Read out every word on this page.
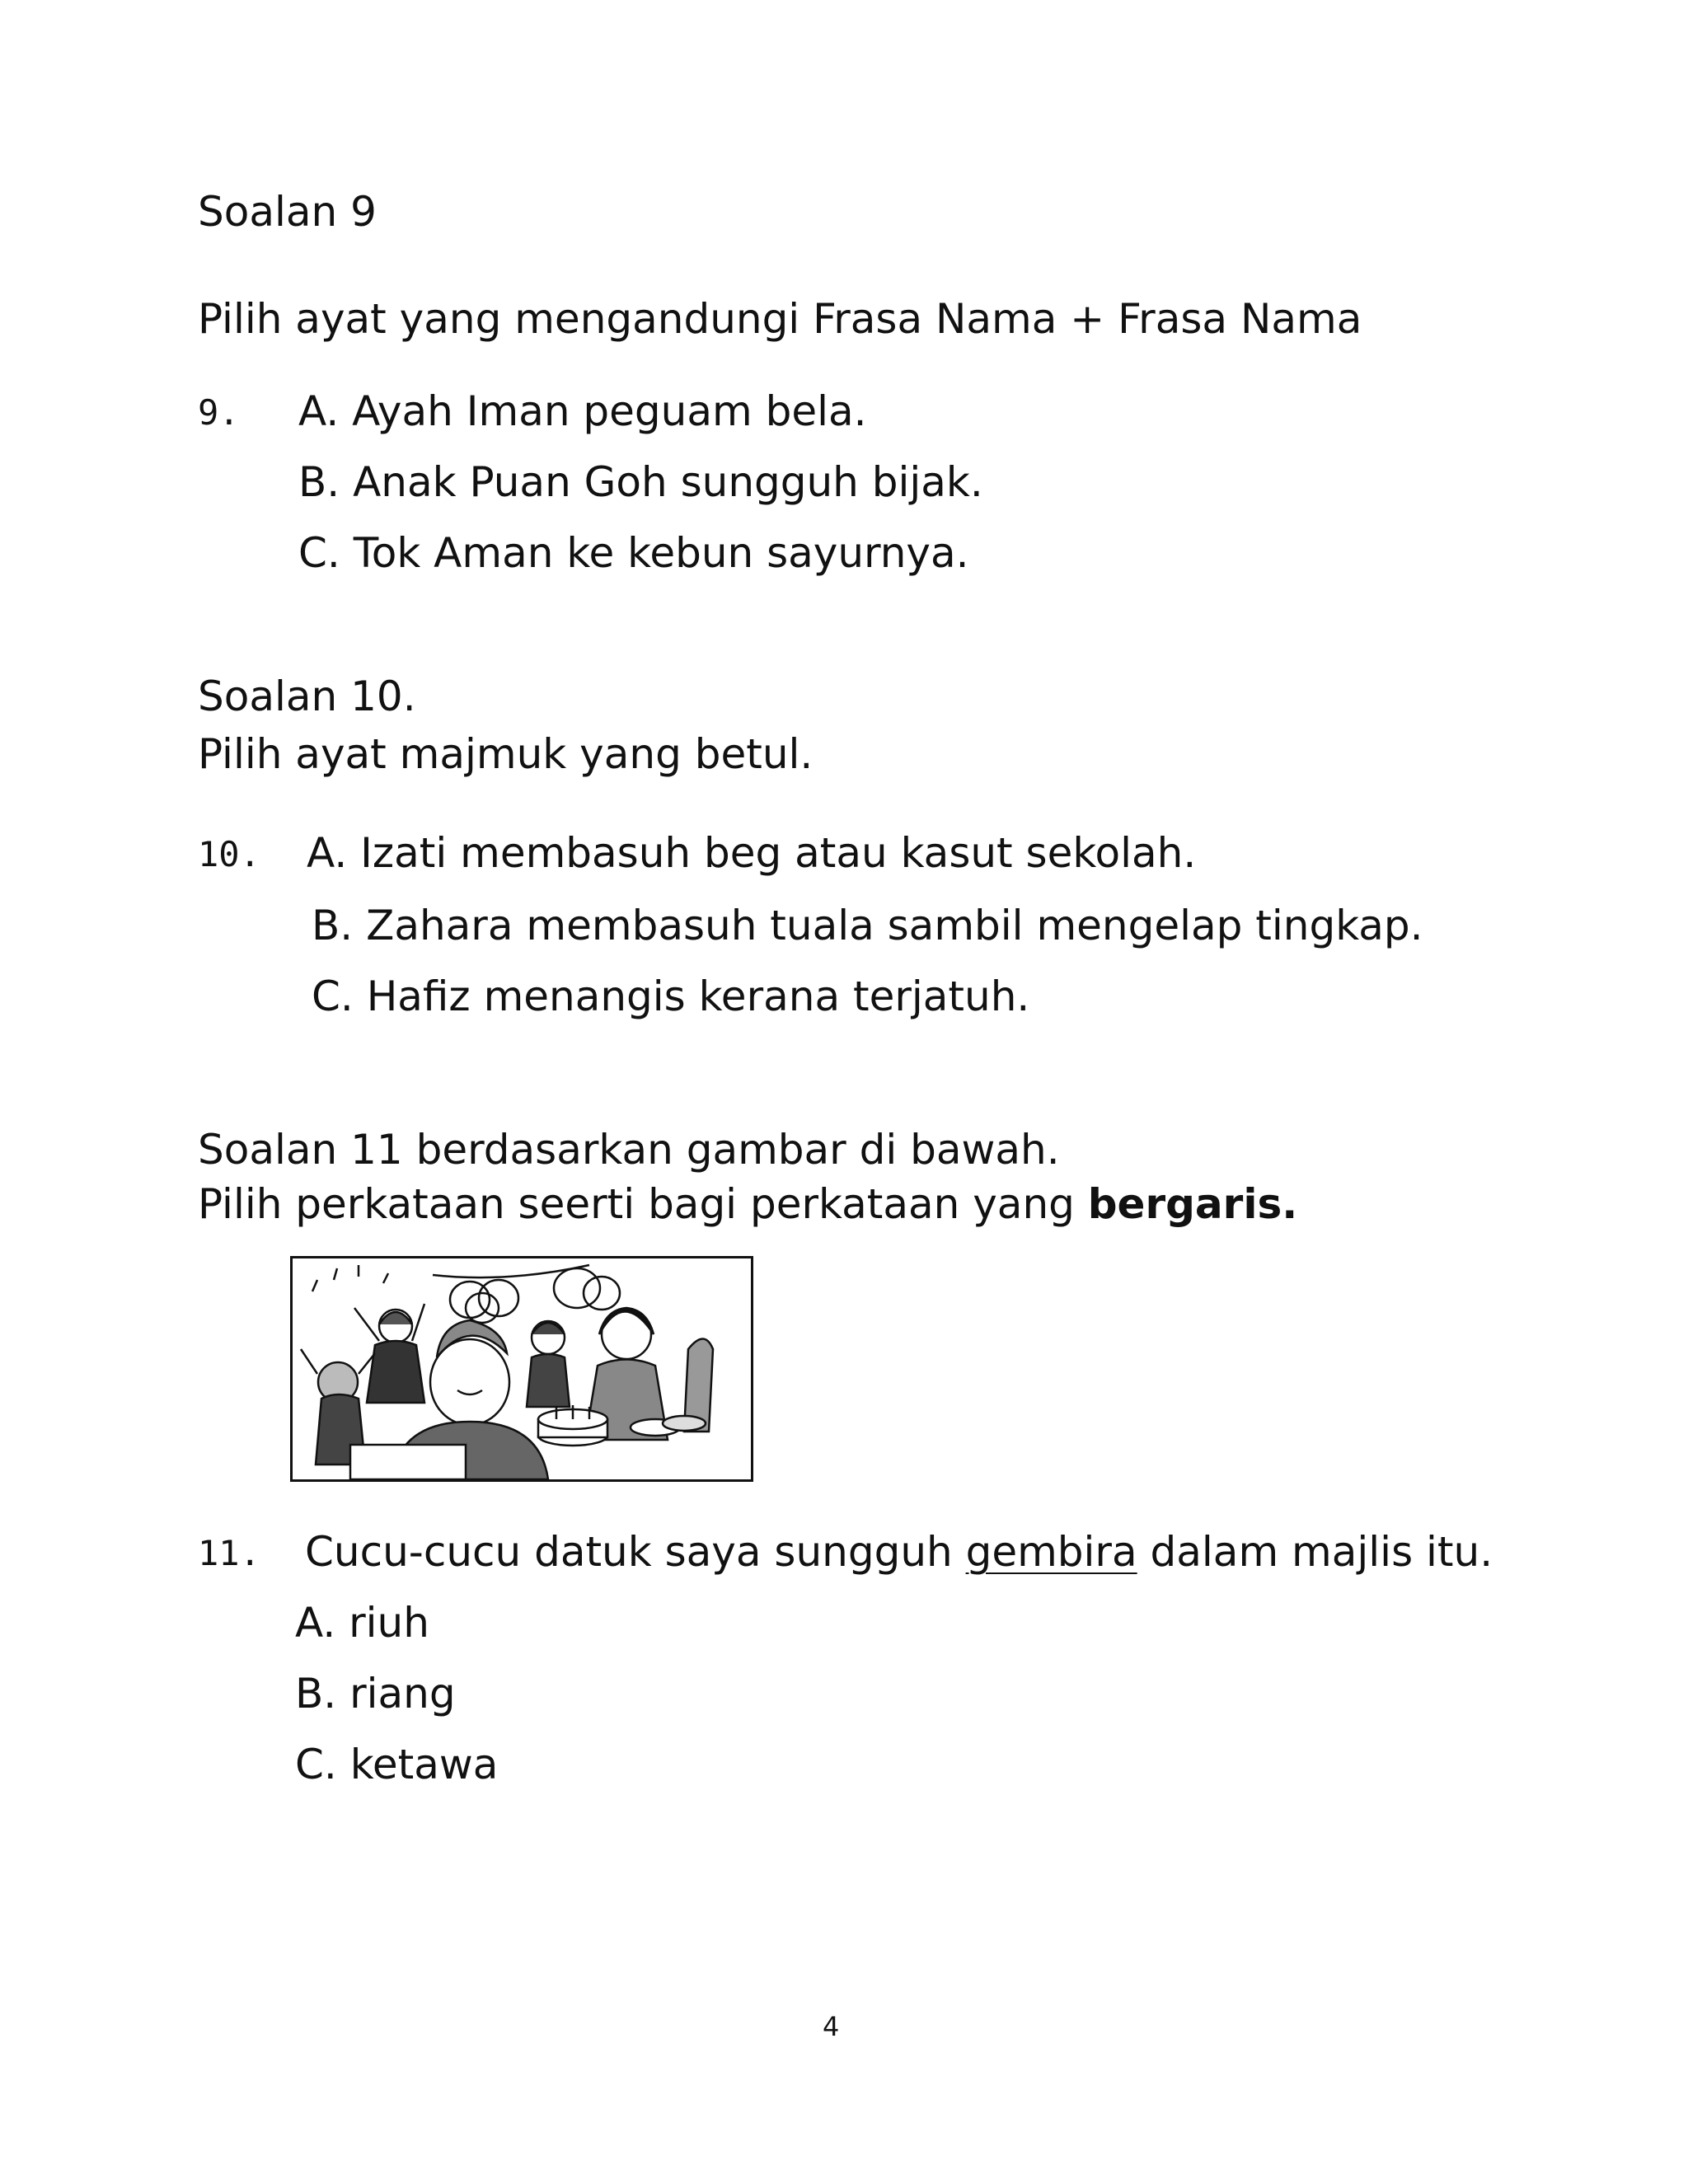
Soalan 9
Pilih ayat yang mengandungi Frasa Nama + Frasa Nama
9. A. Ayah Iman peguam bela.
B. Anak Puan Goh sungguh bijak.
C. Tok Aman ke kebun sayurnya.
Soalan 10.
Pilih ayat majmuk yang betul.
10. A. Izati membasuh beg atau kasut sekolah.
B. Zahara membasuh tuala sambil mengelap tingkap.
C. Hafiz menangis kerana terjatuh.
Soalan 11 berdasarkan gambar di bawah.
Pilih perkataan seerti bagi perkataan yang bergaris.
11. Cucu-cucu datuk saya sungguh gembira dalam majlis itu.
A. riuh
B. riang
C. ketawa
4
